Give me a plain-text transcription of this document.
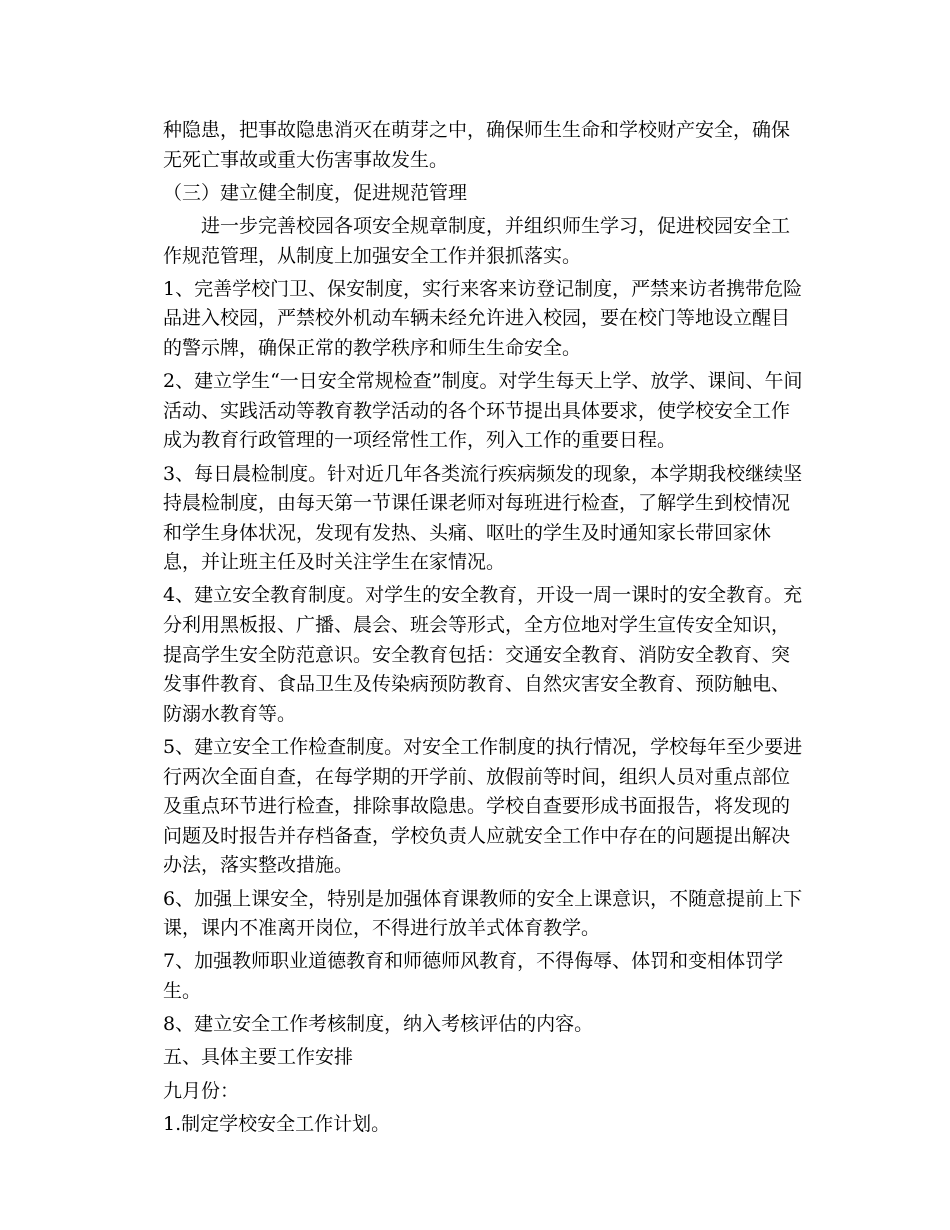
种隐患，把事故隐患消灭在萌芽之中，确保师生生命和学校财产安全，确保无死亡事故或重大伤害事故发生。

（三）建立健全制度，促进规范管理

进一步完善校园各项安全规章制度，并组织师生学习，促进校园安全工作规范管理，从制度上加强安全工作并狠抓落实。

1、完善学校门卫、保安制度，实行来客来访登记制度，严禁来访者携带危险品进入校园，严禁校外机动车辆未经允许进入校园，要在校门等地设立醒目的警示牌，确保正常的教学秩序和师生生命安全。

2、建立学生“一日安全常规检查”制度。对学生每天上学、放学、课间、午间活动、实践活动等教育教学活动的各个环节提出具体要求，使学校安全工作成为教育行政管理的一项经常性工作，列入工作的重要日程。

3、每日晨检制度。针对近几年各类流行疾病频发的现象，本学期我校继续坚持晨检制度，由每天第一节课任课老师对每班进行检查，了解学生到校情况和学生身体状况，发现有发热、头痛、呕吐的学生及时通知家长带回家休息，并让班主任及时关注学生在家情况。

4、建立安全教育制度。对学生的安全教育，开设一周一课时的安全教育。充分利用黑板报、广播、晨会、班会等形式，全方位地对学生宣传安全知识，提高学生安全防范意识。安全教育包括：交通安全教育、消防安全教育、突发事件教育、食品卫生及传染病预防教育、自然灾害安全教育、预防触电、防溺水教育等。

5、建立安全工作检查制度。对安全工作制度的执行情况，学校每年至少要进行两次全面自查，在每学期的开学前、放假前等时间，组织人员对重点部位及重点环节进行检查，排除事故隐患。学校自查要形成书面报告，将发现的问题及时报告并存档备查，学校负责人应就安全工作中存在的问题提出解决办法，落实整改措施。

6、加强上课安全，特别是加强体育课教师的安全上课意识，不随意提前上下课，课内不准离开岗位，不得进行放羊式体育教学。

7、加强教师职业道德教育和师德师风教育，不得侮辱、体罚和变相体罚学生。

8、建立安全工作考核制度，纳入考核评估的内容。

五、具体主要工作安排

九月份：

1.制定学校安全工作计划。
